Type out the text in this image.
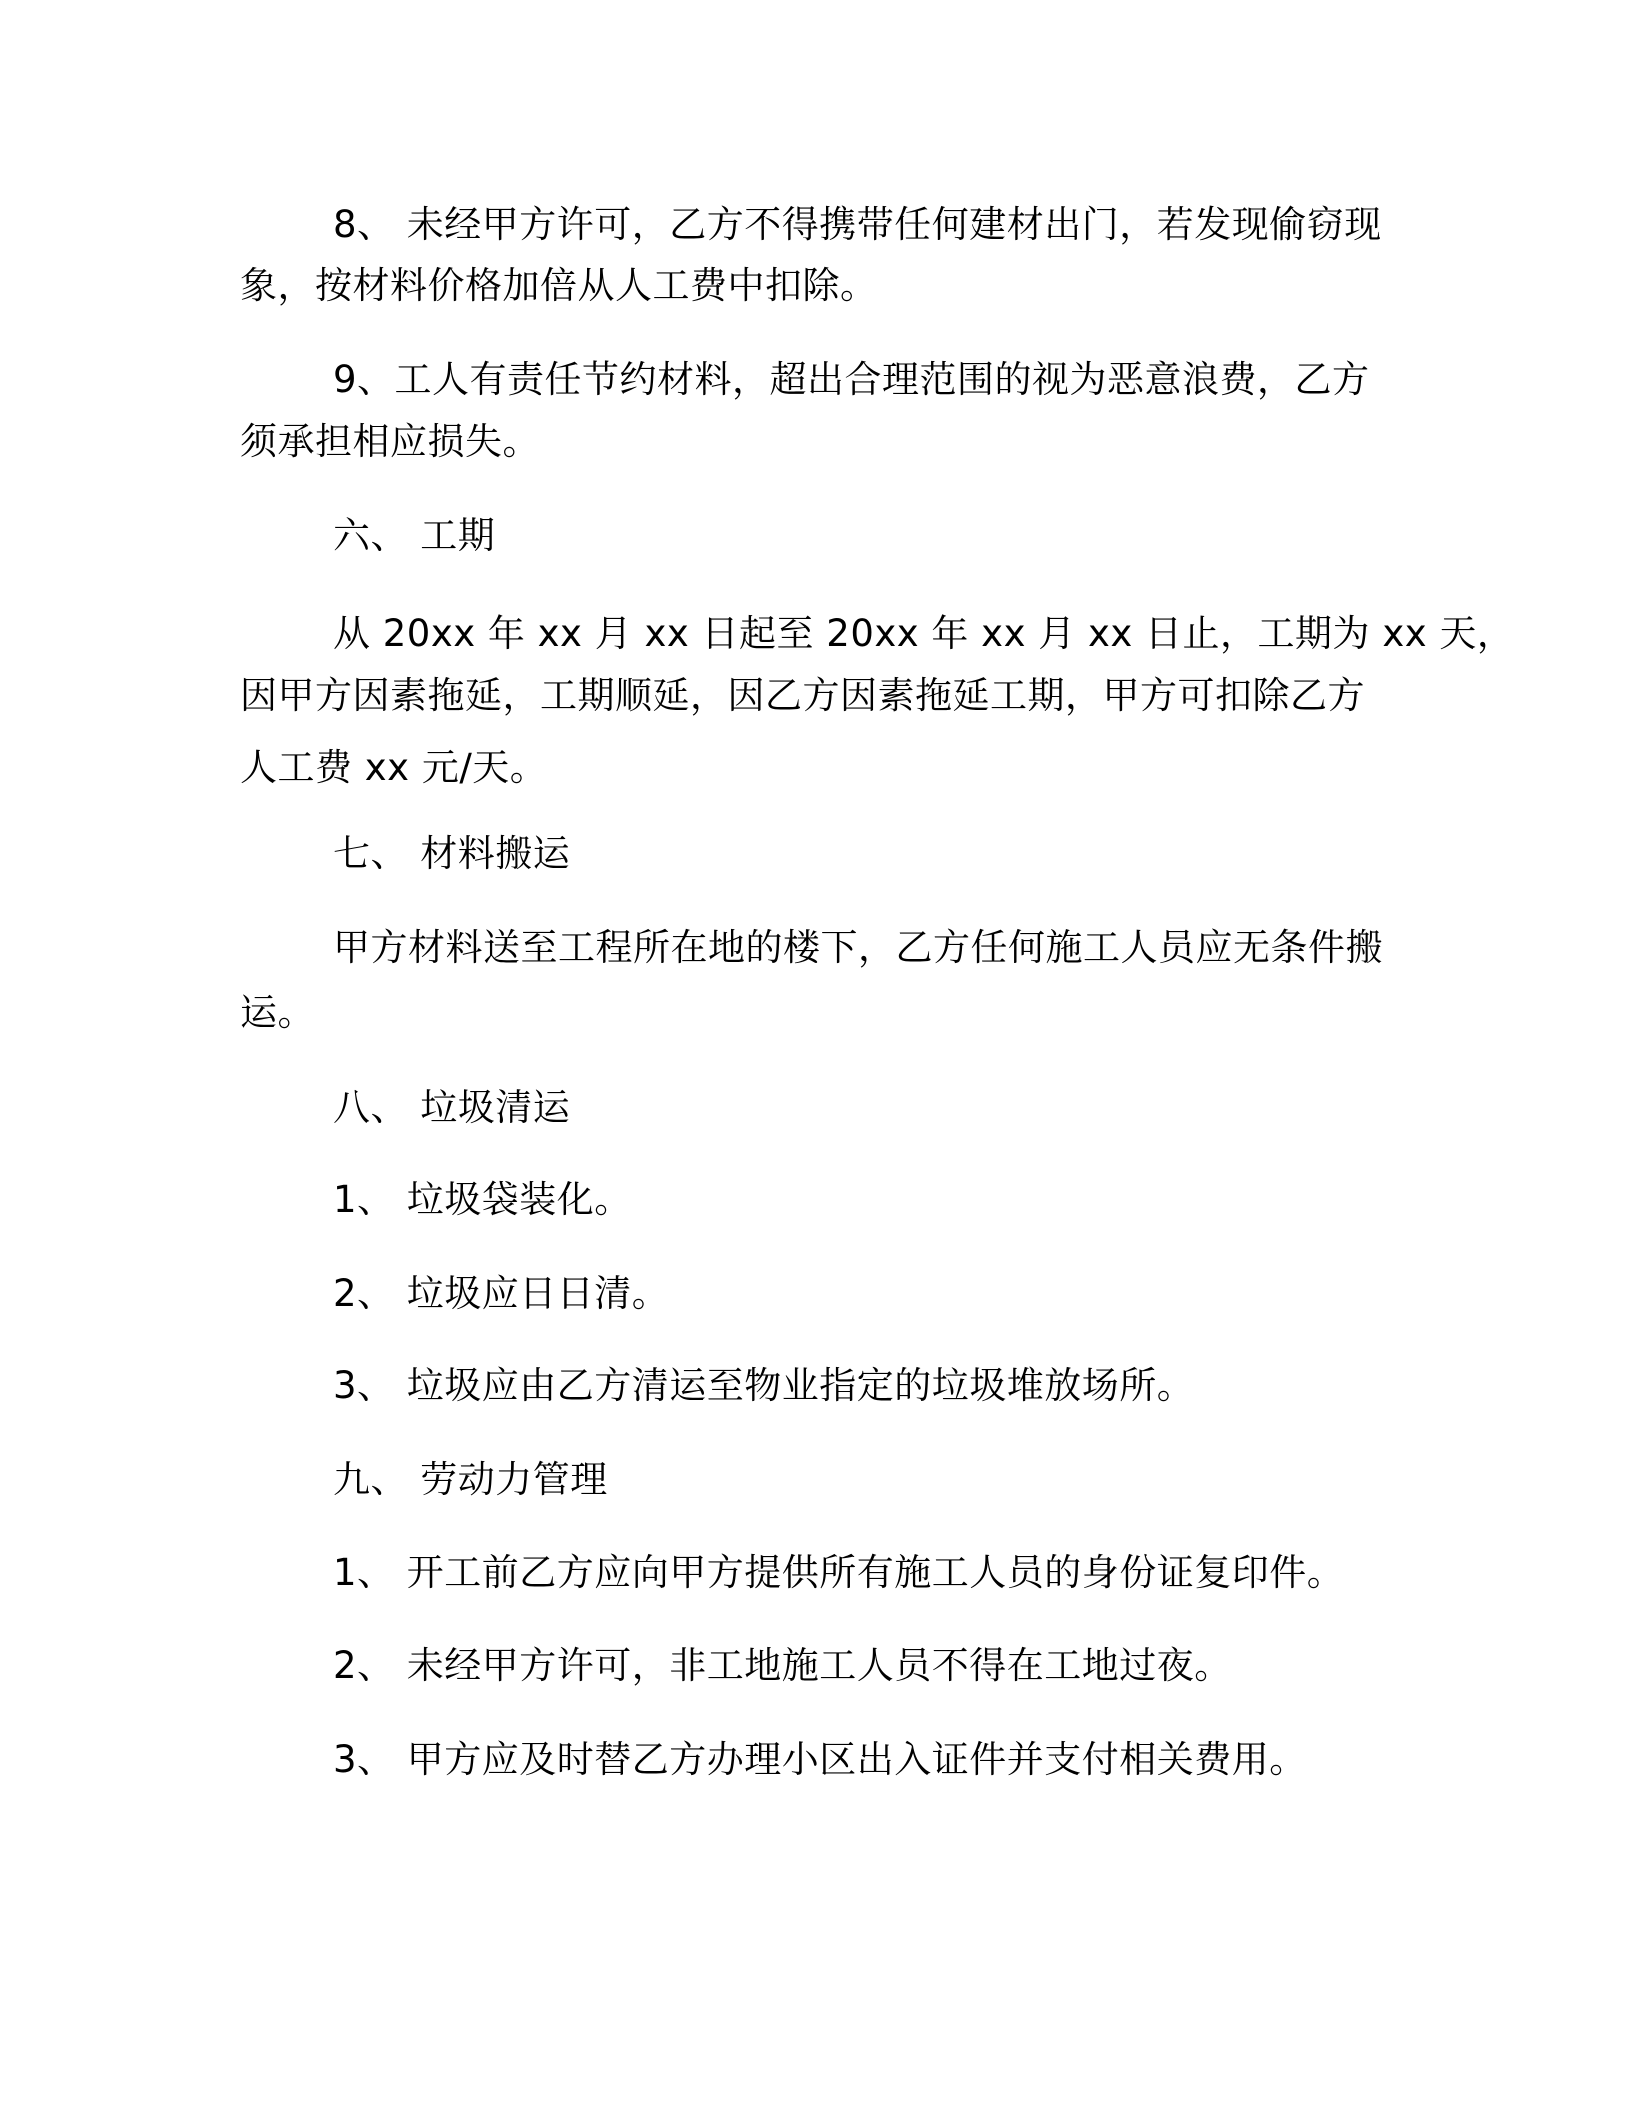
8、 未经甲方许可，乙方不得携带任何建材出门，若发现偷窃现

象，按材料价格加倍从人工费中扣除。

9、工人有责任节约材料，超出合理范围的视为恶意浪费，乙方

须承担相应损失。

六、 工期

从 20xx 年 xx 月 xx 日起至 20xx 年 xx 月 xx 日止，工期为 xx 天，

因甲方因素拖延，工期顺延，因乙方因素拖延工期，甲方可扣除乙方

人工费 xx 元/天。

七、 材料搬运

甲方材料送至工程所在地的楼下，乙方任何施工人员应无条件搬

运。

八、 垃圾清运

1、 垃圾袋装化。

2、 垃圾应日日清。

3、 垃圾应由乙方清运至物业指定的垃圾堆放场所。

九、 劳动力管理

1、 开工前乙方应向甲方提供所有施工人员的身份证复印件。

2、 未经甲方许可，非工地施工人员不得在工地过夜。

3、 甲方应及时替乙方办理小区出入证件并支付相关费用。
